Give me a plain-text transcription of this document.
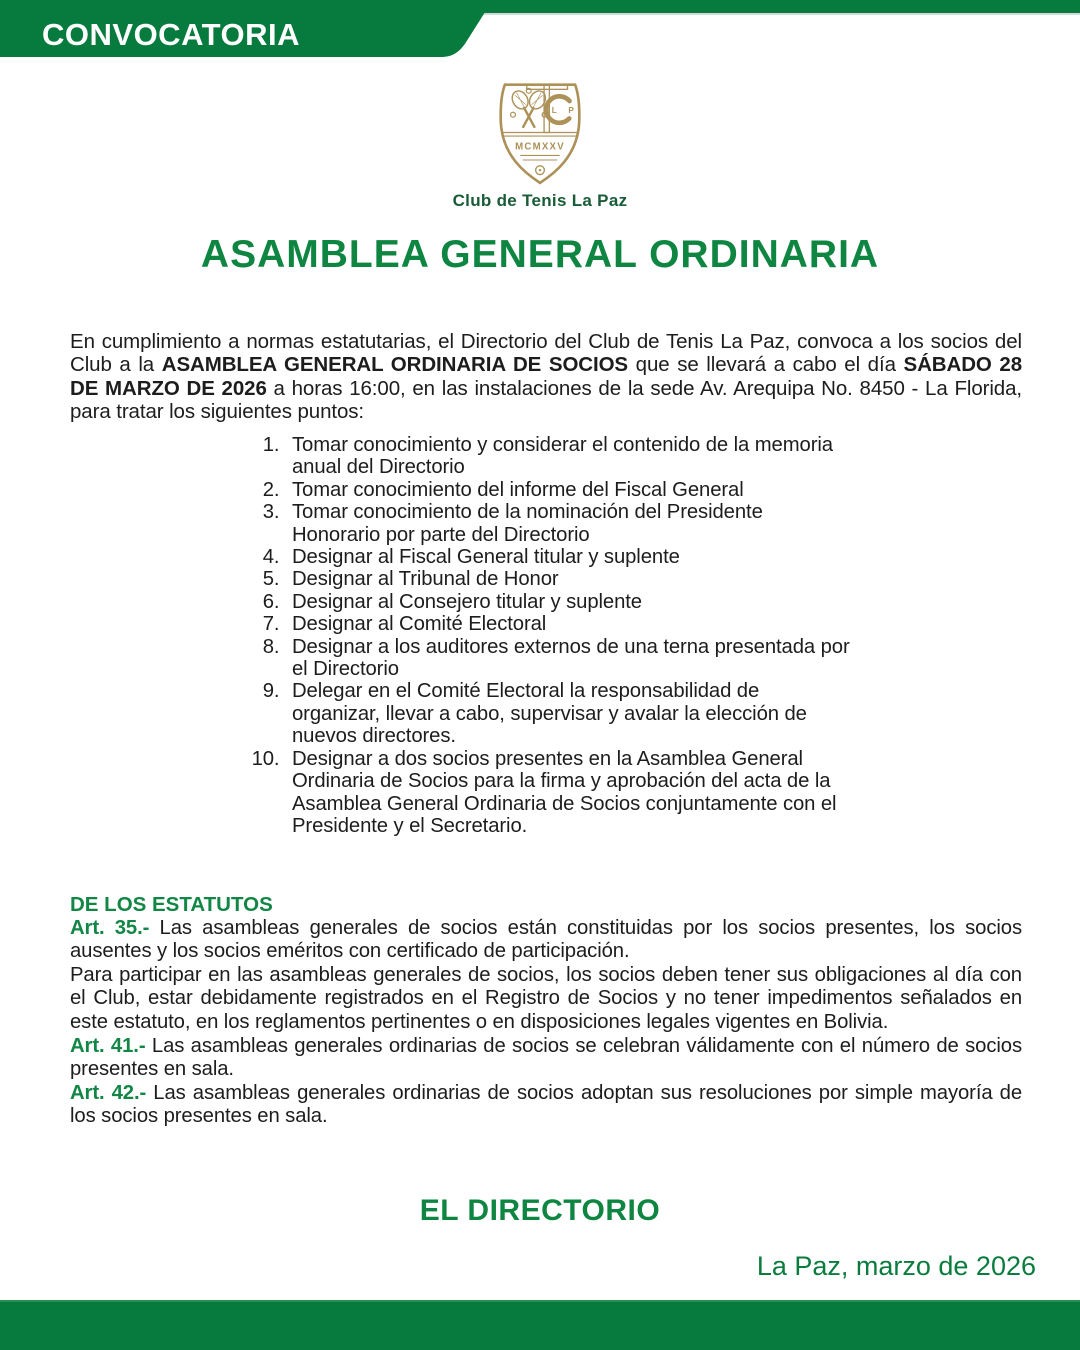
CONVOCATORIA
L P
MCMXXV
Club de Tenis La Paz
ASAMBLEA GENERAL ORDINARIA

En cumplimiento a normas estatutarias, el Directorio del Club de Tenis La Paz, convoca a los socios del Club a la ASAMBLEA GENERAL ORDINARIA DE SOCIOS que se llevará a cabo el día SÁBADO 28 DE MARZO DE 2026 a horas 16:00, en las instalaciones de la sede Av. Arequipa No. 8450 - La Florida, para tratar los siguientes puntos:

1. Tomar conocimiento y considerar el contenido de la memoria anual del Directorio
2. Tomar conocimiento del informe del Fiscal General
3. Tomar conocimiento de la nominación del Presidente Honorario por parte del Directorio
4. Designar al Fiscal General titular y suplente
5. Designar al Tribunal de Honor
6. Designar al Consejero titular y suplente
7. Designar al Comité Electoral
8. Designar a los auditores externos de una terna presentada por el Directorio
9. Delegar en el Comité Electoral la responsabilidad de organizar, llevar a cabo, supervisar y avalar la elección de nuevos directores.
10. Designar a dos socios presentes en la Asamblea General Ordinaria de Socios para la firma y aprobación del acta de la Asamblea General Ordinaria de Socios conjuntamente con el Presidente y el Secretario.
DE LOS ESTATUTOS

Art. 35.- Las asambleas generales de socios están constituidas por los socios presentes, los socios ausentes y los socios eméritos con certificado de participación.

Para participar en las asambleas generales de socios, los socios deben tener sus obligaciones al día con el Club, estar debidamente registrados en el Registro de Socios y no tener impedimentos señalados en este estatuto, en los reglamentos pertinentes o en disposiciones legales vigentes en Bolivia.

Art. 41.- Las asambleas generales ordinarias de socios se celebran válidamente con el número de socios presentes en sala.

Art. 42.- Las asambleas generales ordinarias de socios adoptan sus resoluciones por simple mayoría de los socios presentes en sala.

EL DIRECTORIO
La Paz, marzo de 2026
